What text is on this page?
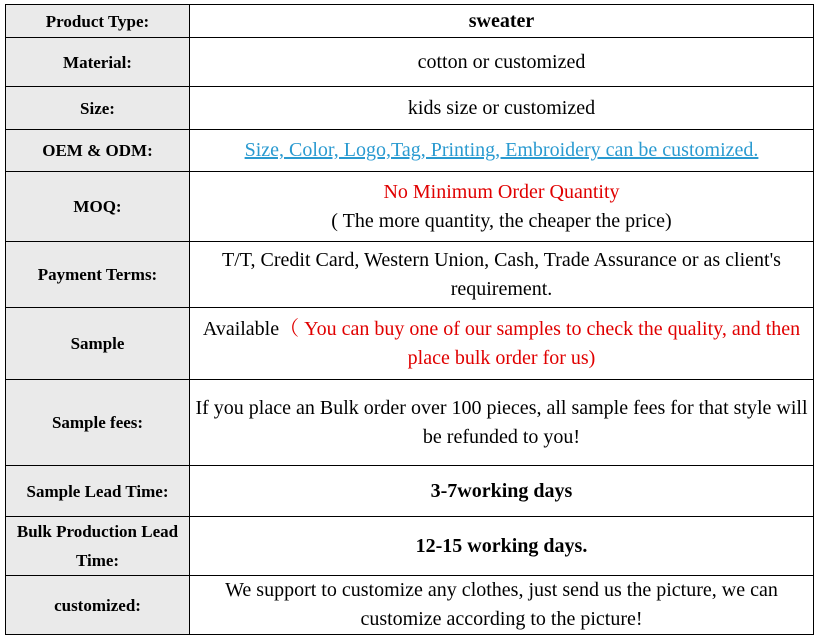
Product Type:	sweater
Material:	cotton or customized
Size:	kids size or customized
OEM & ODM:	Size, Color, Logo,Tag, Printing, Embroidery can be customized.
MOQ:	No Minimum Order Quantity
( The more quantity, the cheaper the price)

Payment Terms:	T/T, Credit Card, Western Union, Cash, Trade Assurance or as client's requirement.
Sample	Available（ You can buy one of our samples to check the quality, and then place bulk order for us)
Sample fees:	If you place an Bulk order over 100 pieces, all sample fees for that style will be refunded to you!
Sample Lead Time:	3-7working days
Bulk Production Lead Time:	12-15 working days.
customized:	We support to customize any clothes, just send us the picture, we can customize according to the picture!
